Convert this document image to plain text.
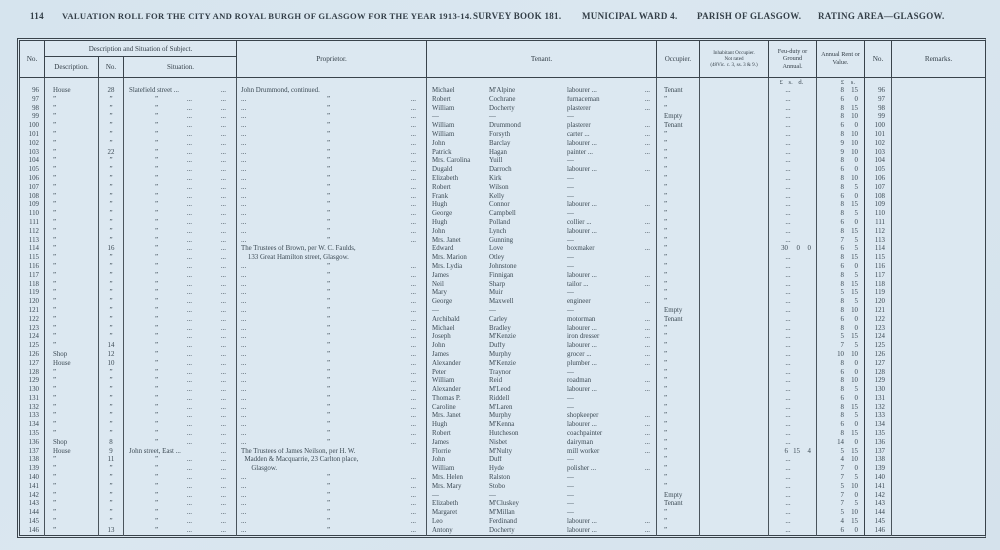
114 VALUATION ROLL FOR THE CITY AND ROYAL BURGH OF GLASGOW FOR THE YEAR 1913-14. SURVEY BOOK 181. MUNICIPAL WARD 4. PARISH OF GLASGOW. RATING AREA—GLASGOW.
No.
Description and Situation of Subject.
Description.	No.	Situation.
Proprietor.	Tenant.	Occupier.
Inhabitant Occupier.
Not rated
(48Vic. c. 3, ss. 3 & 9.)
Feu-duty or Ground Annual.
Annual Rent or Value.	No.	Remarks.
£ s. d.	£ s.
96	House	28	Slatefield street ...	... John Drummond, continued.	Michael	M'Alpine	labourer ...	...	Tenant	...	8	15	96
97	”	”	”	...	... ...	”	...	Robert	Cochrane	furnaceman	...	”	...	6	0	97
98	”	”	”	...	... ...	”	...	William	Docherty	plasterer	...	”	...	8	15	98
99	”	”	”	...	... ...	”	...	—	—	—	Empty	...	8	10	99
100	”	”	”	...	... ...	”	...	William	Drummond	plasterer	...	Tenant	...	6	0	100
101	”	”	”	...	... ...	”	...	William	Forsyth	carter ...	...	”	...	8	10	101
102	”	”	”	...	... ...	”	...	John	Barclay	labourer ...	...	”	...	9	10	102
103	”	22	”	...	... ...	”	...	Patrick	Hagan	painter ...	...	”	...	9	10	103
104	”	”	”	...	... ...	”	...	Mrs. Carolina	Yuill	—	”	...	8	0	104
105	”	”	”	...	... ...	”	...	Dugald	Darroch	labourer ...	...	”	...	6	0	105
106	”	”	”	...	... ...	”	...	Elizabeth	Kirk	—	”	...	8	10	106
107	”	”	”	...	... ...	”	...	Robert	Wilson	—	”	...	8	5	107
108	”	”	”	...	... ...	”	...	Frank	Kelly	—	”	...	6	0	108
109	”	”	”	...	... ...	”	...	Hugh	Connor	labourer ...	...	”	...	8	15	109
110	”	”	”	...	... ...	”	...	George	Campbell	—	”	...	8	5	110
111	”	”	”	...	... ...	”	...	Hugh	Polland	collier ...	...	”	...	6	0	111
112	”	”	”	...	... ...	”	...	John	Lynch	labourer ...	...	”	...	8	15	112
113	”	”	”	...	... ...	”	...	Mrs. Janet	Gunning	—	”	...	7	5	113
114	”	16	”	...	... The Trustees of Brown, per W. C. Faulds,	Edward	Love	boxmaker	...	”	30	0	0	6	5	114
115	”	”	”	...	...   133 Great Hamilton street, Glasgow.	Mrs. Marion	Otley	—	”	...	8	15	115
116	”	”	”	...	... ...	”	...	Mrs. Lydia	Johnstone	—	”	...	6	0	116
117	”	”	”	...	... ...	”	...	James	Finnigan	labourer ...	...	”	...	8	5	117
118	”	”	”	...	... ...	”	...	Neil	Sharp	tailor ...	...	”	...	8	15	118
119	”	”	”	...	... ...	”	...	Mary	Muir	—	”	...	5	15	119
120	”	”	”	...	... ...	”	...	George	Maxwell	engineer	...	”	...	8	5	120
121	”	”	”	...	... ...	”	...	—	—	—	Empty	...	8	10	121
122	”	”	”	...	... ...	”	...	Archibald	Carley	motorman	...	Tenant	...	6	0	122
123	”	”	”	...	... ...	”	...	Michael	Bradley	labourer ...	...	”	...	8	0	123
124	”	”	”	...	... ...	”	...	Joseph	M'Kenzie	iron dresser	...	”	...	5	15	124
125	”	14	”	...	... ...	”	...	John	Duffy	labourer ...	...	”	...	7	5	125
126	Shop	12	”	...	... ...	”	...	James	Murphy	grocer ...	...	”	...	10	10	126
127	House	10	”	...	... ...	”	...	Alexander	M'Kenzie	plumber ...	...	”	...	8	0	127
128	”	”	”	...	... ...	”	...	Peter	Traynor	—	”	...	6	0	128
129	”	”	”	...	... ...	”	...	William	Reid	roadman	...	”	...	8	10	129
130	”	”	”	...	... ...	”	...	Alexander	M'Leod	labourer ...	...	”	...	8	5	130
131	”	”	”	...	... ...	”	...	Thomas P.	Riddell	—	”	...	6	0	131
132	”	”	”	...	... ...	”	...	Caroline	M'Laren	—	”	...	8	15	132
133	”	”	”	...	... ...	”	...	Mrs. Janet	Murphy	shopkeeper	...	”	...	8	5	133
134	”	”	”	...	... ...	”	...	Hugh	M'Kenna	labourer ...	...	”	...	6	0	134
135	”	”	”	...	... ...	”	...	Robert	Hutcheson	coachpainter	...	”	...	8	15	135
136	Shop	8	”	...	... ...	”	...	James	Nisbet	dairyman	...	”	...	14	0	136
137	House	9	John street, East ...	... The Trustees of James Neilson, per H. W.	Florrie	M'Nulty	mill worker	...	”	6 15	4	5	15	137
138	”	11	”	...	...  Madden & Macquarrie, 23 Carlton place,	John	Duff	—	”	...	4	10	138
139	”	”	”	...	...    Glasgow.	William	Hyde	polisher ...	...	”	...	7	0	139
140	”	”	”	...	... ...	”	...	Mrs. Helen	Ralston	—	”	...	7	5	140
141	”	”	”	...	... ...	”	...	Mrs. Mary	Stobo	—	”	...	5	10	141
142	”	”	”	...	... ...	”	...	—	—	—	Empty	...	7	0	142
143	”	”	”	...	... ...	”	...	Elizabeth	M'Cluskey	—	Tenant	...	7	5	143
144	”	”	”	...	... ...	”	...	Margaret	M'Millan	—	”	...	5	10	144
145	”	”	”	...	... ...	”	...	Leo	Ferdinand	labourer ...	...	”	...	4	15	145
146	”	13	”	...	... ...	”	...	Antony	Docherty	labourer ...	...	”	...	6	0	146
